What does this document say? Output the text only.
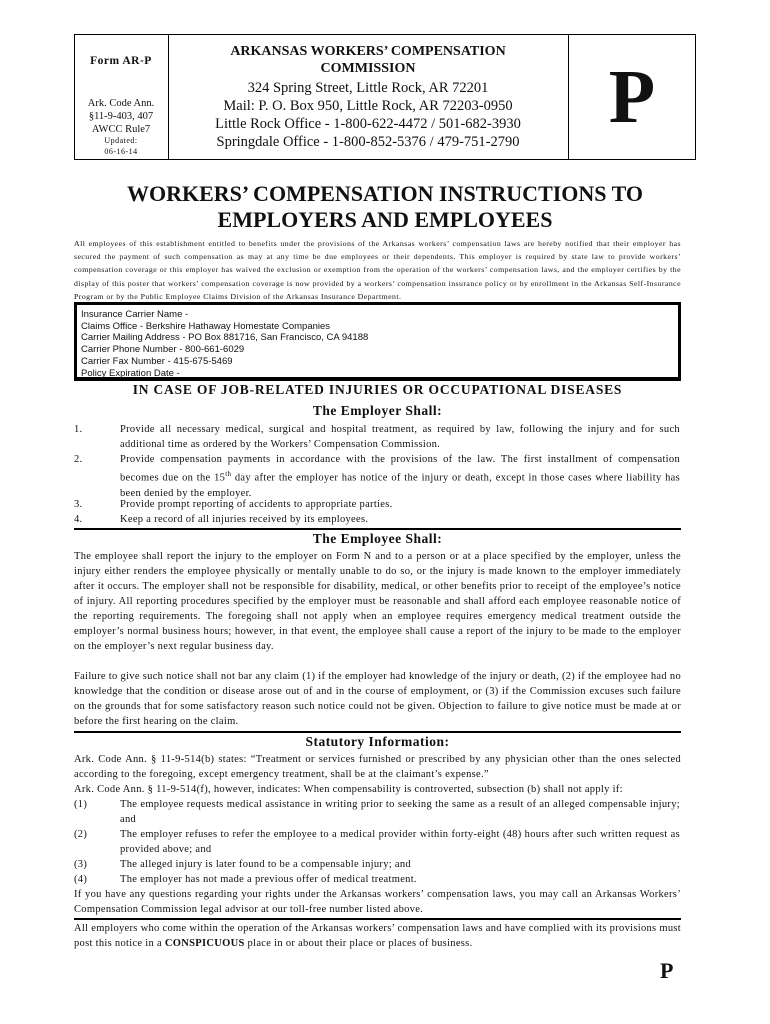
Form AR-P
Ark. Code Ann.
§11-9-403, 407
AWCC Rule7
Updated:
06-16-14
ARKANSAS WORKERS’ COMPENSATION
COMMISSION
324 Spring Street, Little Rock, AR 72201
Mail: P. O. Box 950, Little Rock, AR 72203-0950
Little Rock Office - 1-800-622-4472 / 501-682-3930
Springdale Office - 1-800-852-5376 / 479-751-2790
P
WORKERS’ COMPENSATION INSTRUCTIONS TO
EMPLOYERS AND EMPLOYEES
All employees of this establishment entitled to benefits under the provisions of the Arkansas workers’ compensation laws are hereby notified that their employer has secured the payment of such compensation as may at any time be due employees or their dependents. This employer is required by state law to provide workers’ compensation coverage or this employer has waived the exclusion or exemption from the operation of the workers’ compensation laws, and the employer certifies by the display of this poster that workers’ compensation coverage is now provided by a workers’ compensation insurance policy or by enrollment in the Arkansas Self-Insurance Program or by the Public Employee Claims Division of the Arkansas Insurance Department.
Insurance Carrier Name -
Claims Office - Berkshire Hathaway Homestate Companies
Carrier Mailing Address - PO Box 881716, San Francisco, CA 94188
Carrier Phone Number - 800-661-6029
Carrier Fax Number - 415-675-5469
Policy Expiration Date -
IN CASE OF JOB-RELATED INJURIES OR OCCUPATIONAL DISEASES
The Employer Shall:
1.	Provide all necessary medical, surgical and hospital treatment, as required by law, following the injury and for such additional time as ordered by the Workers’ Compensation Commission.
2.	Provide compensation payments in accordance with the provisions of the law. The first installment of compensation becomes due on the 15th day after the employer has notice of the injury or death, except in those cases where liability has been denied by the employer.
3.	Provide prompt reporting of accidents to appropriate parties.
4.	Keep a record of all injuries received by its employees.
The Employee Shall:
The employee shall report the injury to the employer on Form N and to a person or at a place specified by the employer, unless the injury either renders the employee physically or mentally unable to do so, or the injury is made known to the employer immediately after it occurs. The employer shall not be responsible for disability, medical, or other benefits prior to receipt of the employee’s notice of injury. All reporting procedures specified by the employer must be reasonable and shall afford each employee reasonable notice of the reporting requirements. The foregoing shall not apply when an employee requires emergency medical treatment outside the employer’s normal business hours; however, in that event, the employee shall cause a report of the injury to be made to the employer on the employer’s next regular business day.
Failure to give such notice shall not bar any claim (1) if the employer had knowledge of the injury or death, (2) if the employee had no knowledge that the condition or disease arose out of and in the course of employment, or (3) if the Commission excuses such failure on the grounds that for some satisfactory reason such notice could not be given. Objection to failure to give notice must be made at or before the first hearing on the claim.
Statutory Information:
Ark. Code Ann. § 11-9-514(b) states: “Treatment or services furnished or prescribed by any physician other than the ones selected according to the foregoing, except emergency treatment, shall be at the claimant’s expense.”
Ark. Code Ann. § 11-9-514(f), however, indicates: When compensability is controverted, subsection (b) shall not apply if:
(1)	The employee requests medical assistance in writing prior to seeking the same as a result of an alleged compensable injury; and
(2)	The employer refuses to refer the employee to a medical provider within forty-eight (48) hours after such written request as provided above; and
(3)	The alleged injury is later found to be a compensable injury; and
(4)	The employer has not made a previous offer of medical treatment.
If you have any questions regarding your rights under the Arkansas workers’ compensation laws, you may call an Arkansas Workers’ Compensation Commission legal advisor at our toll-free number listed above.
All employers who come within the operation of the Arkansas workers’ compensation laws and have complied with its provisions must post this notice in a CONSPICUOUS place in or about their place or places of business.
P
